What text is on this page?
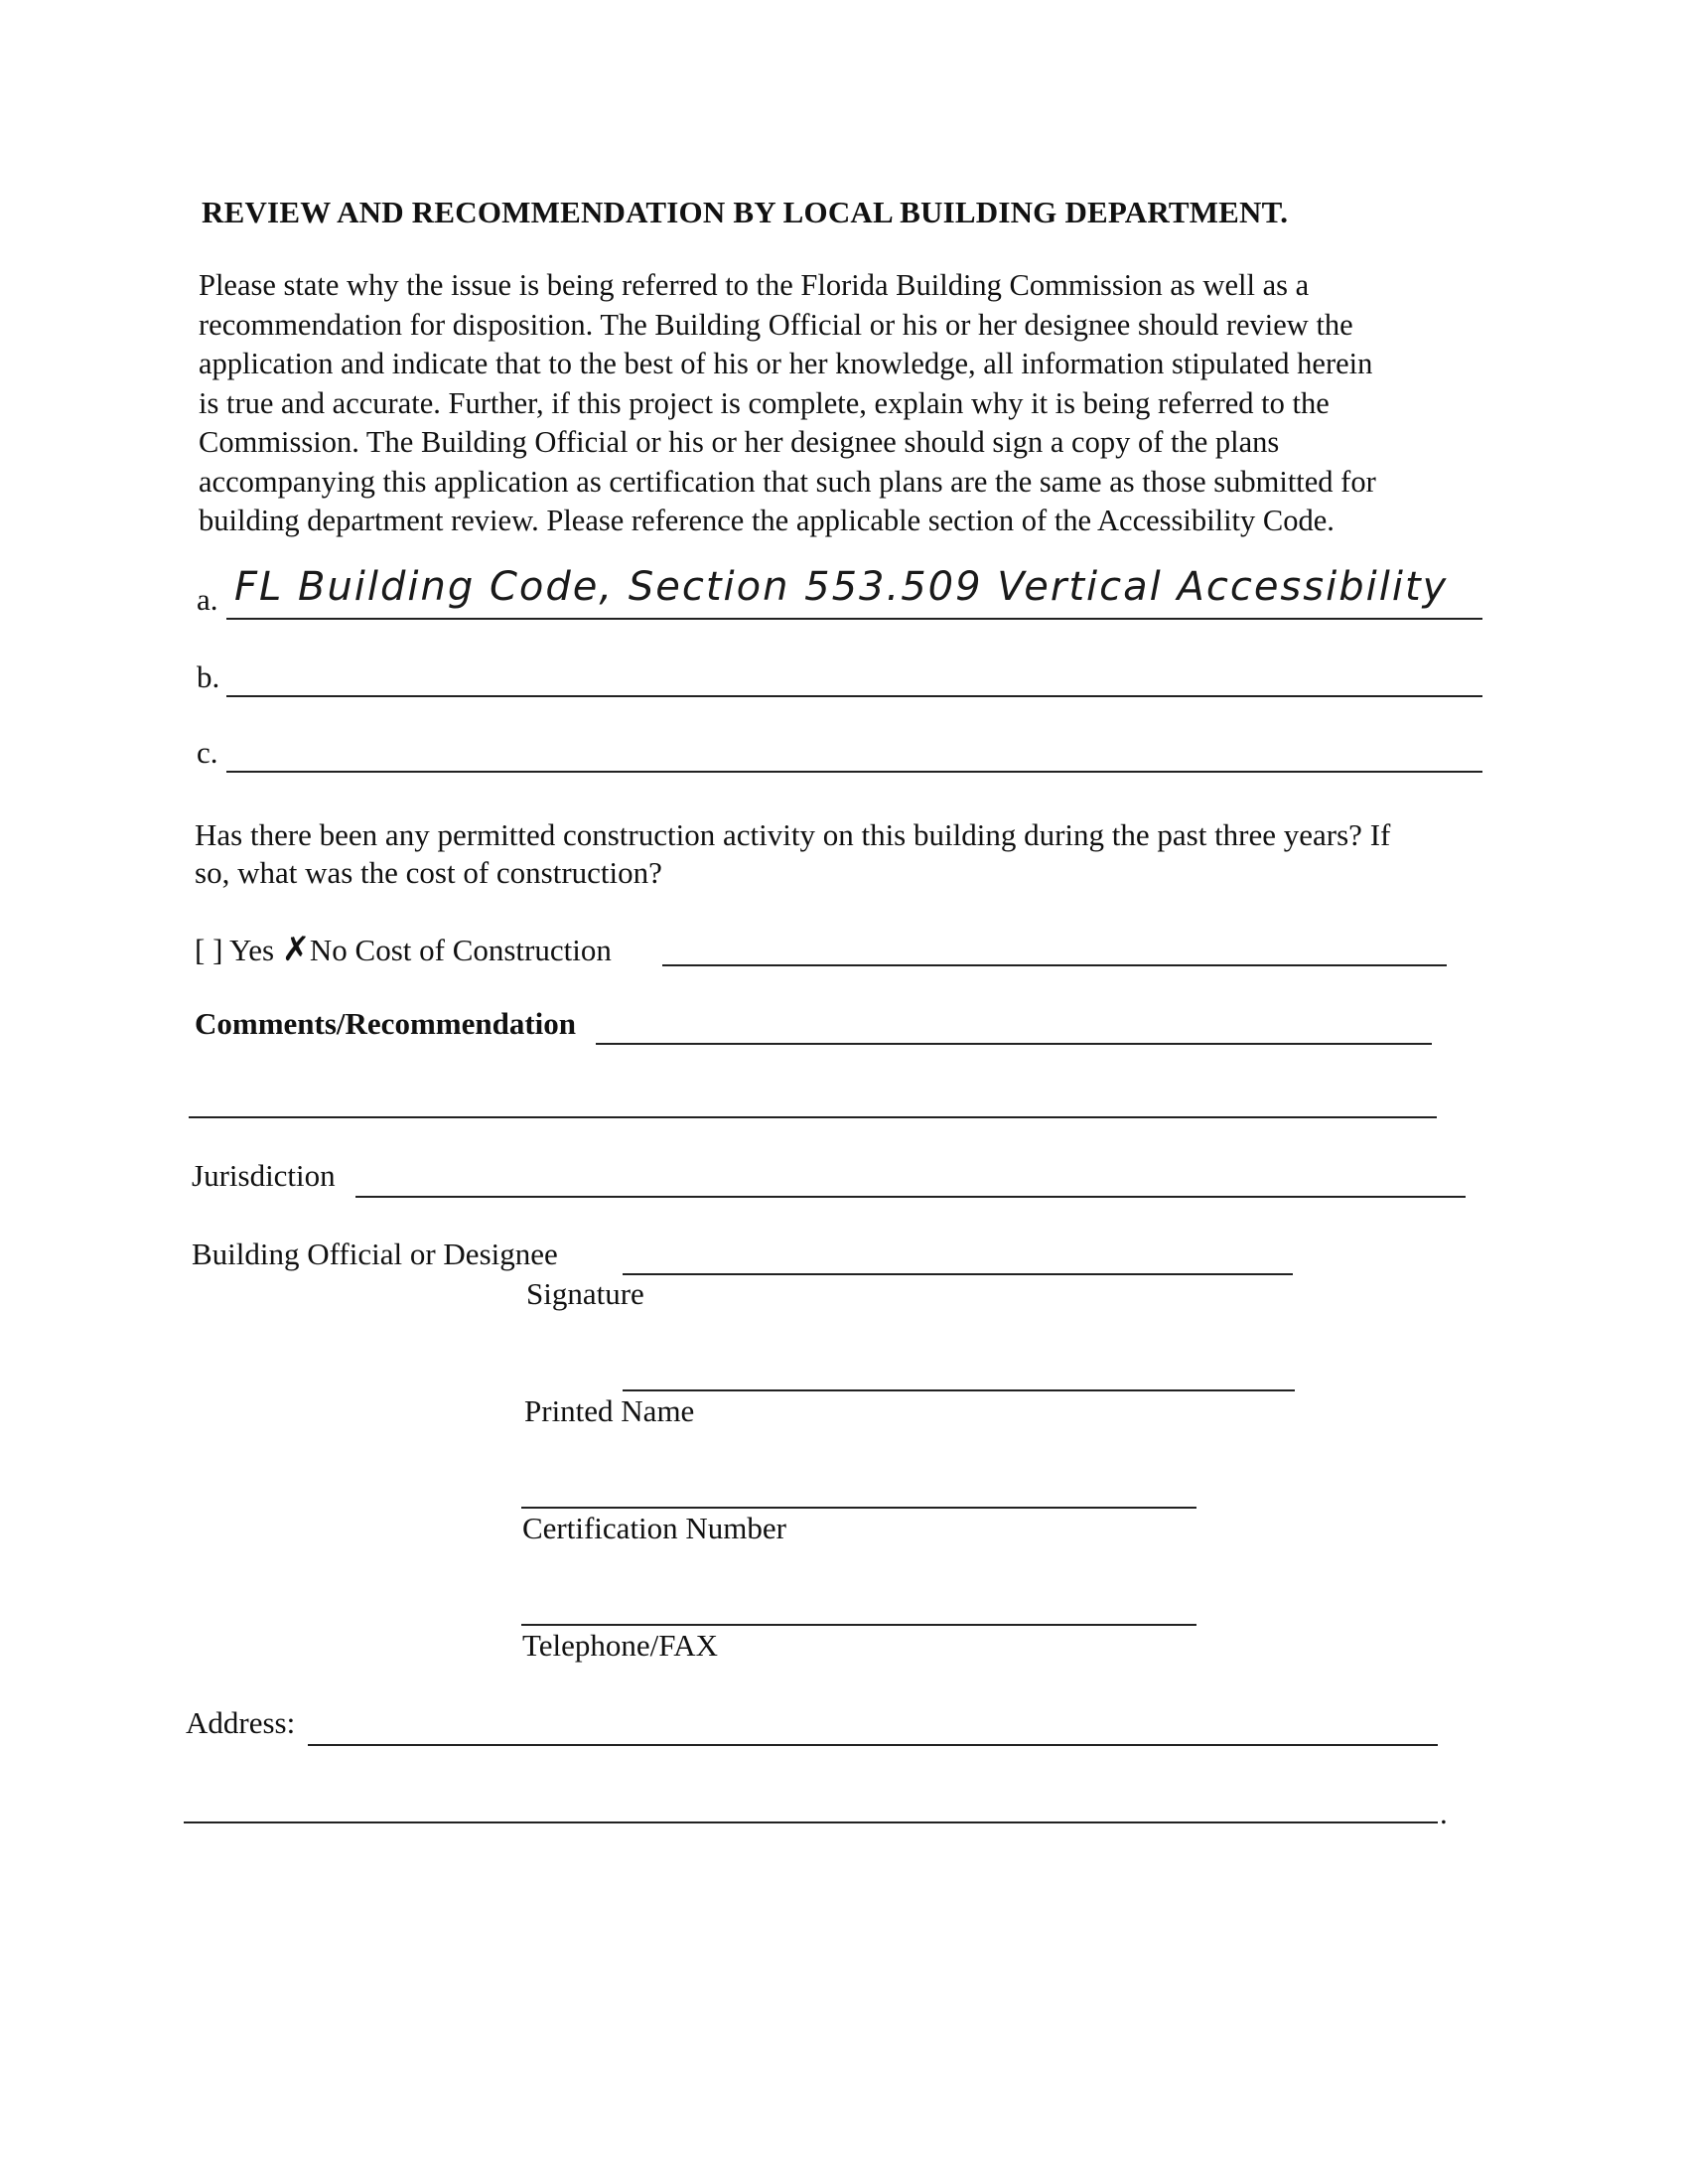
REVIEW AND RECOMMENDATION BY LOCAL BUILDING DEPARTMENT.
Please state why the issue is being referred to the Florida Building Commission as well as a
recommendation for disposition. The Building Official or his or her designee should review the
application and indicate that to the best of his or her knowledge, all information stipulated herein
is true and accurate. Further, if this project is complete, explain why it is being referred to the
Commission. The Building Official or his or her designee should sign a copy of the plans
accompanying this application as certification that such plans are the same as those submitted for
building department review. Please reference the applicable section of the Accessibility Code.
a. FL Building Code, Section 553.509 Vertical Accessibility
b.
c.
Has there been any permitted construction activity on this building during the past three years? If
so, what was the cost of construction?
[ ] Yes ✗No Cost of Construction
Comments/Recommendation
Jurisdiction
Building Official or Designee
Signature
Printed Name
Certification Number
Telephone/FAX
Address:
.
